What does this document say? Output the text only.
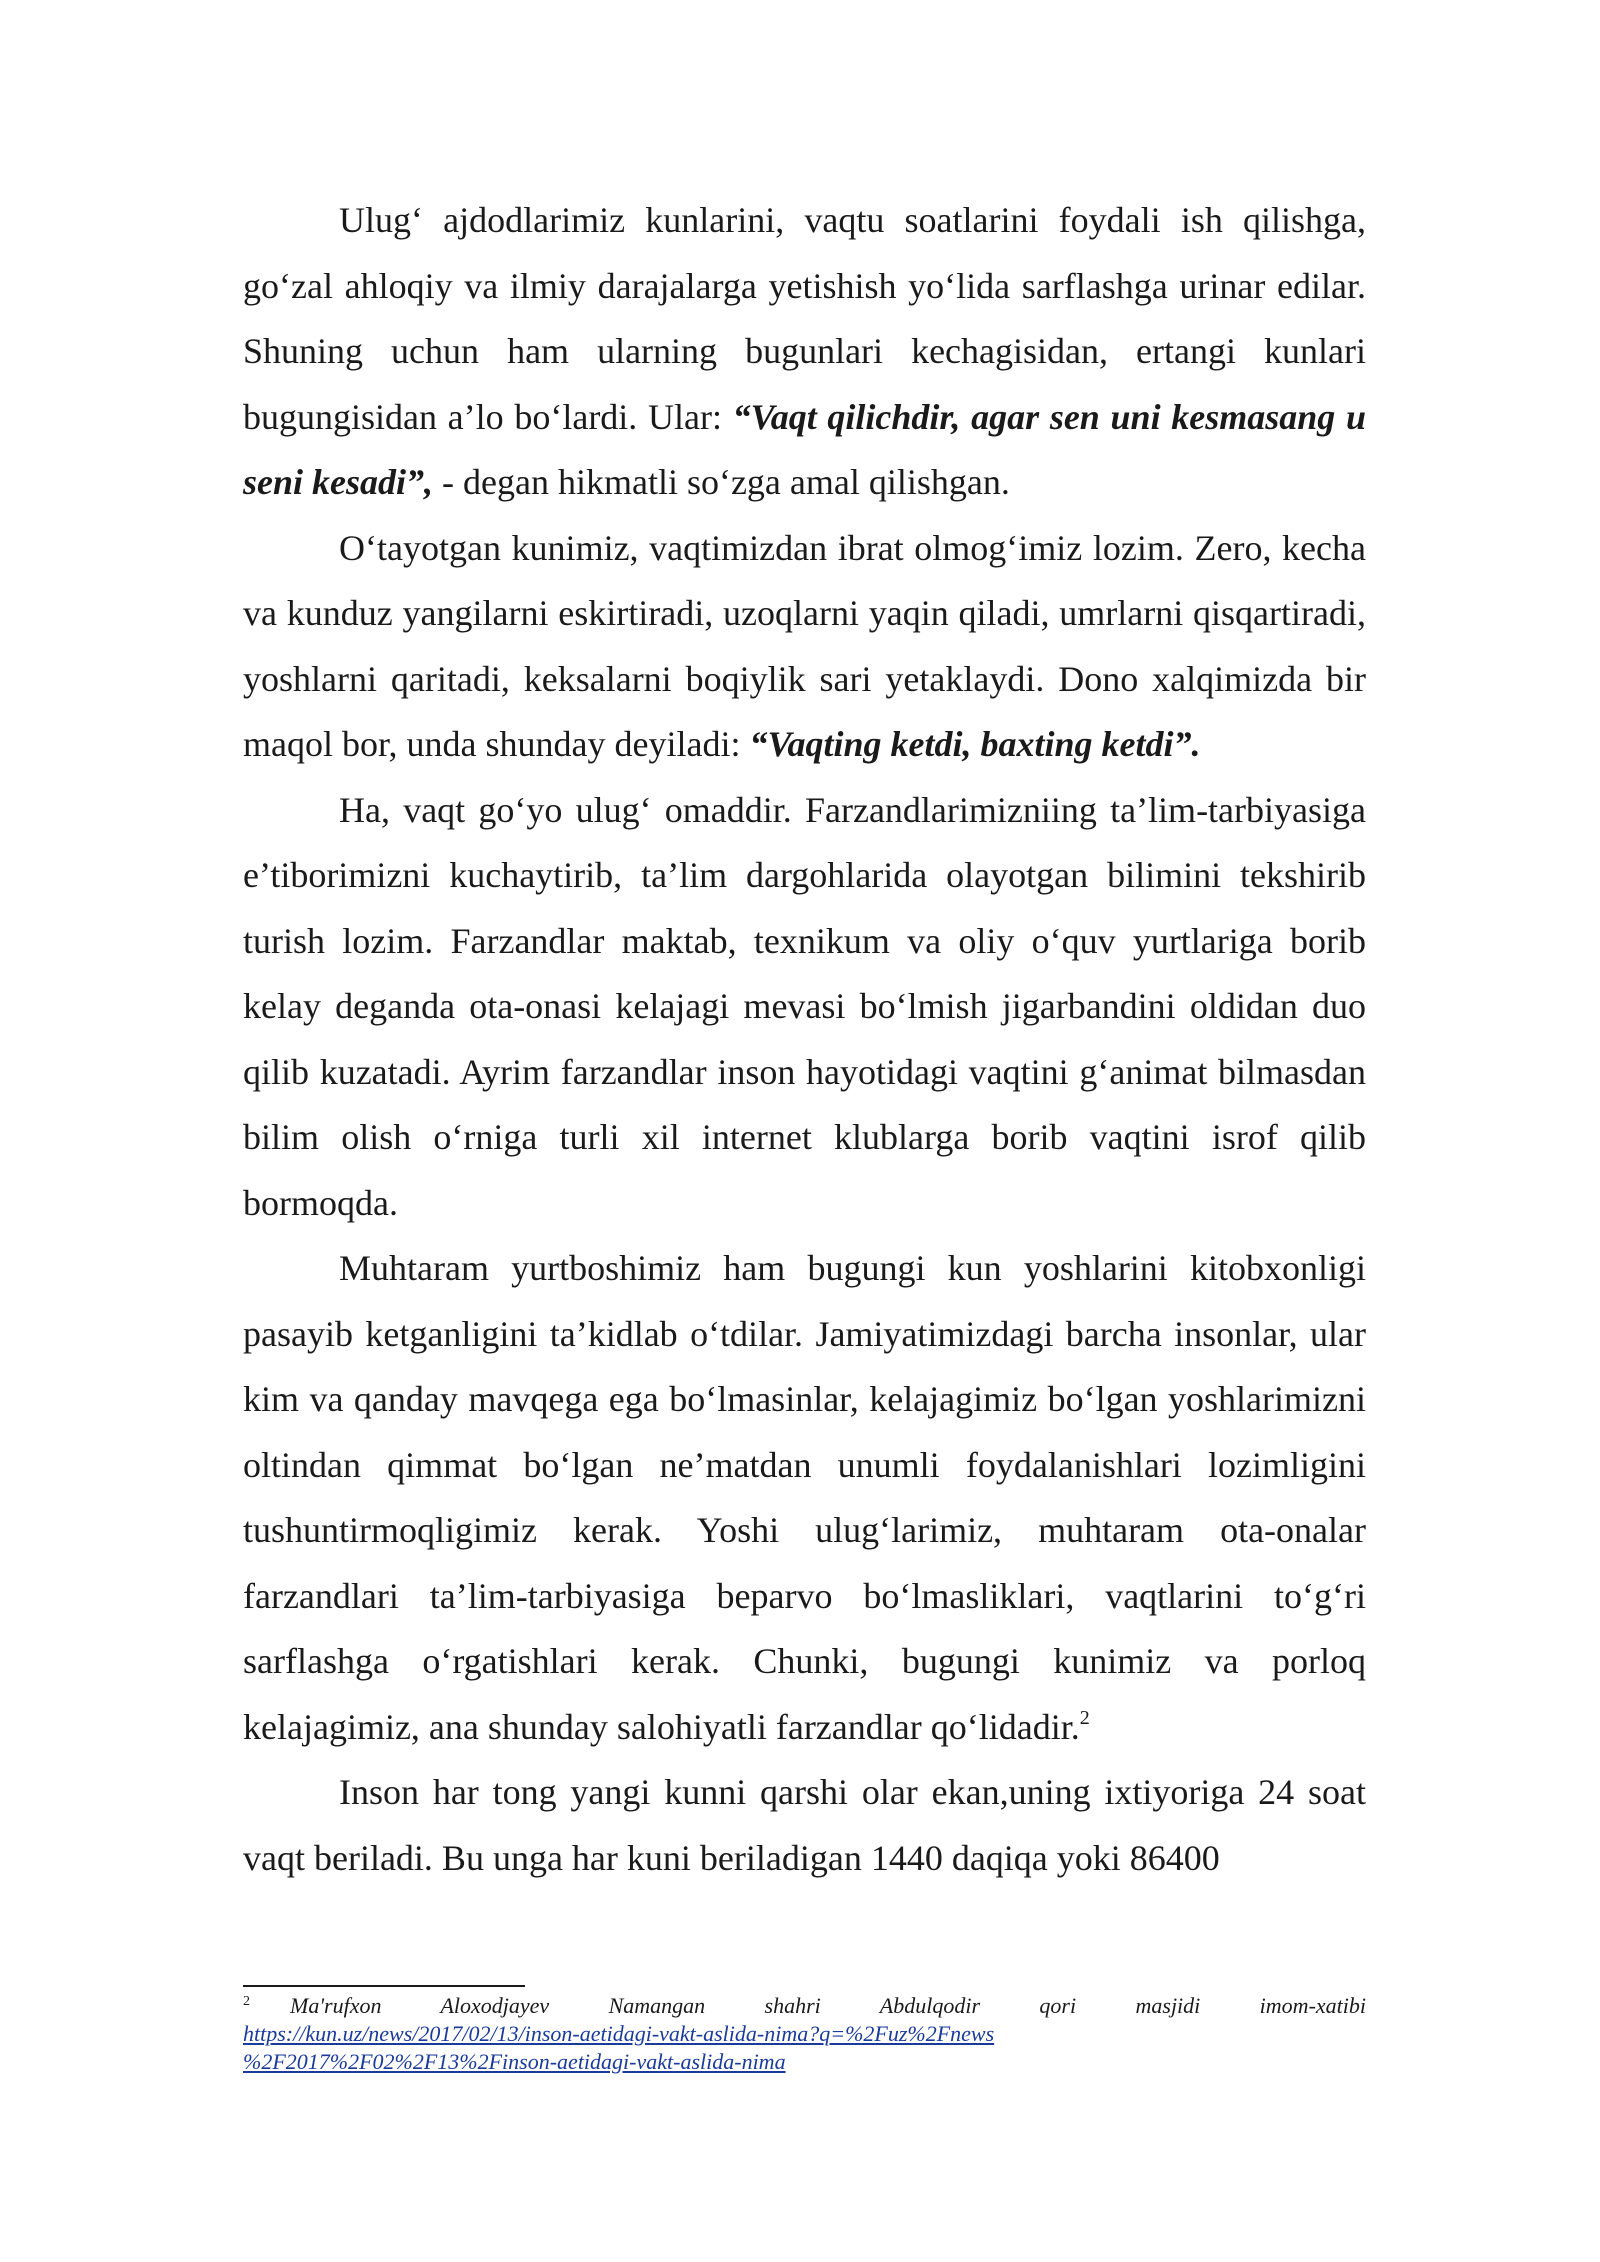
Ulug‘ ajdodlarimiz kunlarini, vaqtu soatlarini foydali ish qilishga, go‘zal ahloqiy va ilmiy darajalarga yetishish yo‘lida sarflashga urinar edilar. Shuning uchun ham ularning bugunlari kechagisidan, ertangi kunlari bugungisidan a’lo bo‘lardi. Ular: “Vaqt qilichdir, agar sen uni kesmasang u seni kesadi”, - degan hikmatli so‘zga amal qilishgan.

O‘tayotgan kunimiz, vaqtimizdan ibrat olmog‘imiz lozim. Zero, kecha va kunduz yangilarni eskirtiradi, uzoqlarni yaqin qiladi, umrlarni qisqartiradi, yoshlarni qaritadi, keksalarni boqiylik sari yetaklaydi. Dono xalqimizda bir maqol bor, unda shunday deyiladi: “Vaqting ketdi, baxting ketdi”.

Ha, vaqt go‘yo ulug‘ omaddir. Farzandlarimizniing ta’lim-tarbiyasiga e’tiborimizni kuchaytirib, ta’lim dargohlarida olayotgan bilimini tekshirib turish lozim. Farzandlar maktab, texnikum va oliy o‘quv yurtlariga borib kelay deganda ota-onasi kelajagi mevasi bo‘lmish jigarbandini oldidan duo qilib kuzatadi. Ayrim farzandlar inson hayotidagi vaqtini g‘animat bilmasdan bilim olish o‘rniga turli xil internet klublarga borib vaqtini isrof qilib bormoqda.

Muhtaram yurtboshimiz ham bugungi kun yoshlarini kitobxonligi pasayib ketganligini ta’kidlab o‘tdilar. Jamiyatimizdagi barcha insonlar, ular kim va qanday mavqega ega bo‘lmasinlar, kelajagimiz bo‘lgan yoshlarimizni oltindan qimmat bo‘lgan ne’matdan unumli foydalanishlari lozimligini tushuntirmoqligimiz kerak. Yoshi ulug‘larimiz, muhtaram ota-onalar farzandlari ta’lim-tarbiyasiga beparvo bo‘lmasliklari, vaqtlarini to‘g‘ri sarflashga o‘rgatishlari kerak. Chunki, bugungi kunimiz va porloq kelajagimiz, ana shunday salohiyatli farzandlar qo‘lidadir.$^2$

Inson har tong yangi kunni qarshi olar ekan,uning ixtiyoriga 24 soat vaqt beriladi. Bu unga har kuni beriladigan 1440 daqiqa yoki 86400

$^2$ Ma'rufxon Aloxodjayev Namangan shahri Abdulqodir qori masjidi imom-xatibi

https://kun.uz/news/2017/02/13/inson-aetidagi-vakt-aslida-nima?q=%2Fuz%2Fnews
%2F2017%2F02%2F13%2Finson-aetidagi-vakt-aslida-nima
